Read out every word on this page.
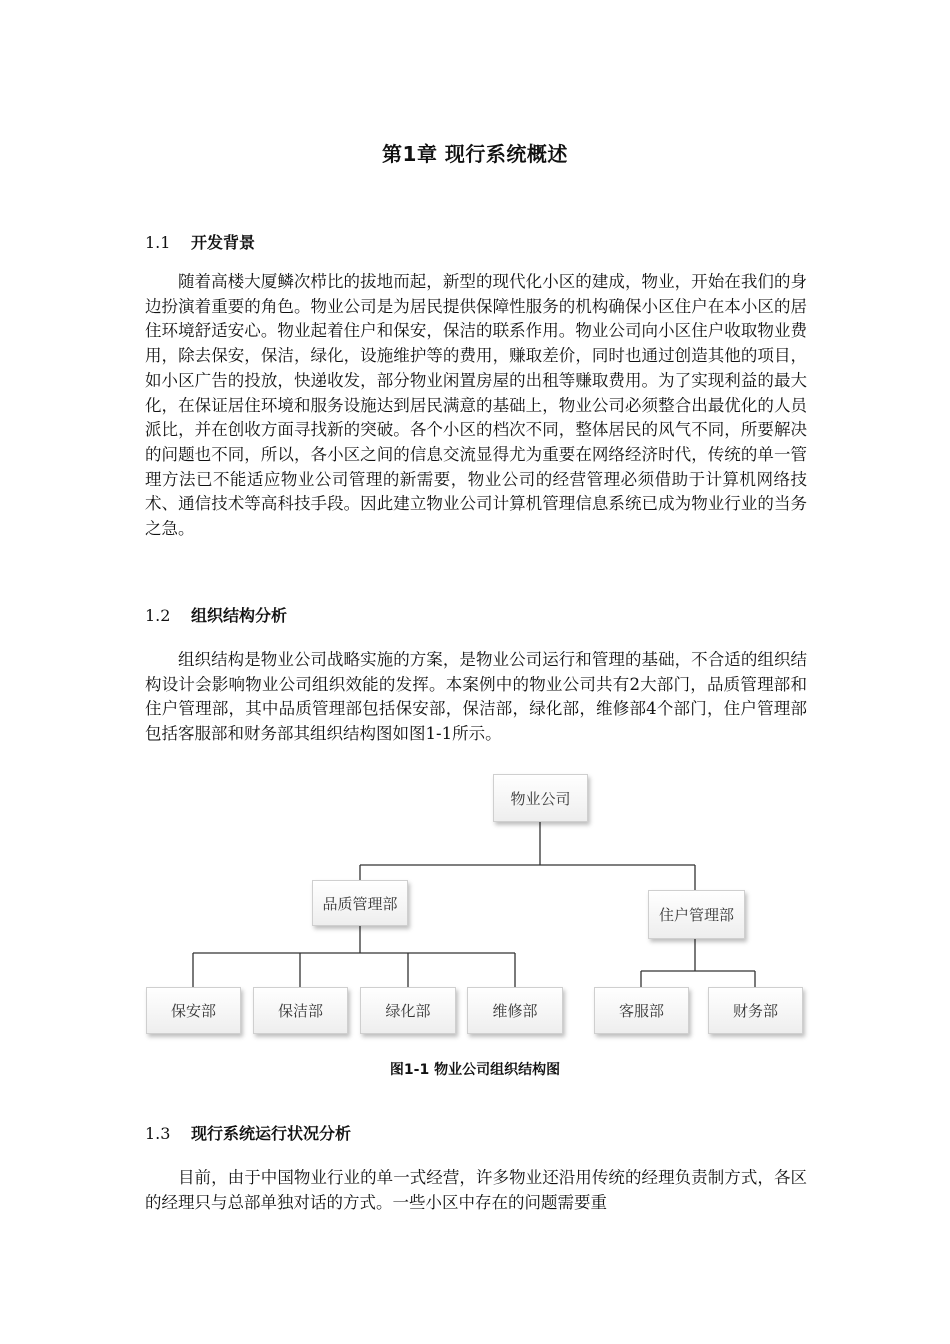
第1章 现行系统概述
1.1 开发背景

随着高楼大厦鳞次栉比的拔地而起，新型的现代化小区的建成，物业，开始在我们的身边扮演着重要的角色。物业公司是为居民提供保障性服务的机构确保小区住户在本小区的居住环境舒适安心。物业起着住户和保安，保洁的联系作用。物业公司向小区住户收取物业费用，除去保安，保洁，绿化，设施维护等的费用，赚取差价，同时也通过创造其他的项目，如小区广告的投放，快递收发，部分物业闲置房屋的出租等赚取费用。为了实现利益的最大化，在保证居住环境和服务设施达到居民满意的基础上，物业公司必须整合出最优化的人员派比，并在创收方面寻找新的突破。各个小区的档次不同，整体居民的风气不同，所要解决的问题也不同，所以，各小区之间的信息交流显得尤为重要在网络经济时代，传统的单一管理方法已不能适应物业公司管理的新需要，物业公司的经营管理必须借助于计算机网络技术、通信技术等高科技手段。因此建立物业公司计算机管理信息系统已成为物业行业的当务之急。

1.2 组织结构分析

组织结构是物业公司战略实施的方案，是物业公司运行和管理的基础，不合适的组织结构设计会影响物业公司组织效能的发挥。本案例中的物业公司共有2大部门，品质管理部和住户管理部，其中品质管理部包括保安部，保洁部，绿化部，维修部4个部门，住户管理部包括客服部和财务部其组织结构图如图1-1所示。

物业公司
品质管理部
住户管理部
保安部	保洁部	绿化部	维修部	客服部	财务部
图1-1 物业公司组织结构图
1.3 现行系统运行状况分析

目前，由于中国物业行业的单一式经营，许多物业还沿用传统的经理负责制方式，各区的经理只与总部单独对话的方式。一些小区中存在的问题需要重
